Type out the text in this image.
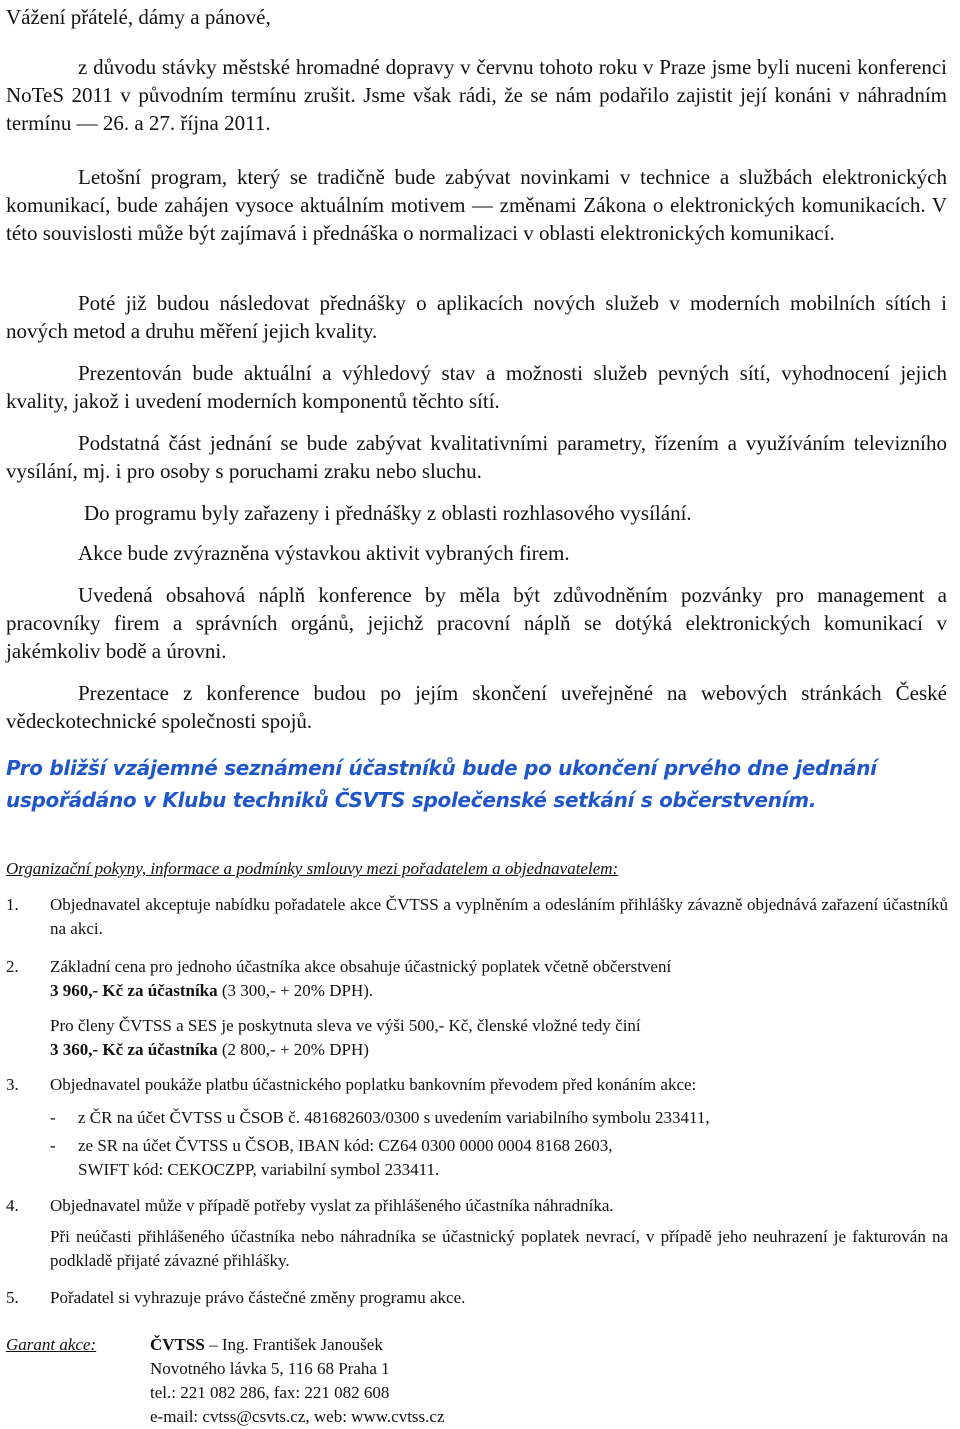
Vážení přátelé, dámy a pánové,
z důvodu stávky městské hromadné dopravy v červnu tohoto roku v Praze jsme byli nuceni konferenci NoTeS 2011 v původním termínu zrušit. Jsme však rádi, že se nám podařilo zajistit její konáni v náhradním termínu — 26. a 27. října 2011.
Letošní program, který se tradičně bude zabývat novinkami v technice a službách elektronických komunikací, bude zahájen vysoce aktuálním motivem — změnami Zákona o elektronických komunikacích. V této souvislosti může být zajímavá i přednáška o normalizaci v oblasti elektronických komunikací.
Poté již budou následovat přednášky o aplikacích nových služeb v moderních mobilních sítích i nových metod a druhu měření jejich kvality.
Prezentován bude aktuální a výhledový stav a možnosti služeb pevných sítí, vyhodnocení jejich kvality, jakož i uvedení moderních komponentů těchto sítí.
Podstatná část jednání se bude zabývat kvalitativními parametry, řízením a využíváním televizního vysílání, mj. i pro osoby s poruchami zraku nebo sluchu.
Do programu byly zařazeny i přednášky z oblasti rozhlasového vysílání.
Akce bude zvýrazněna výstavkou aktivit vybraných firem.
Uvedená obsahová náplň konference by měla být zdůvodněním pozvánky pro management a pracovníky firem a správních orgánů, jejichž pracovní náplň se dotýká elektronických komunikací v jakémkoliv bodě a úrovni.
Prezentace z konference budou po jejím skončení uveřejněné na webových stránkách České vědeckotechnické společnosti spojů.
Pro bližší vzájemné seznámení účastníků bude po ukončení prvého dne jednání uspořádáno v Klubu techniků ČSVTS společenské setkání s občerstvením.
Organizační pokyny, informace a podmínky smlouvy mezi pořadatelem a objednavatelem:
1.	Objednavatel akceptuje nabídku pořadatele akce ČVTSS a vyplněním a odesláním přihlášky závazně objednává zařazení účastníků na akci.
2.	Základní cena pro jednoho účastníka akce obsahuje účastnický poplatek včetně občerstvení
3 960,- Kč za účastníka (3 300,- + 20% DPH).
Pro členy ČVTSS a SES je poskytnuta sleva ve výši 500,- Kč, členské vložné tedy činí
3 360,- Kč za účastníka (2 800,- + 20% DPH)
3.	Objednavatel poukáže platbu účastnického poplatku bankovním převodem před konáním akce:
- z ČR na účet ČVTSS u ČSOB č. 481682603/0300 s uvedením variabilního symbolu 233411,
- ze SR na účet ČVTSS u ČSOB, IBAN kód: CZ64 0300 0000 0004 8168 2603,
SWIFT kód: CEKOCZPP, variabilní symbol 233411.
4.	Objednavatel může v případě potřeby vyslat za přihlášeného účastníka náhradníka.
Při neúčasti přihlášeného účastníka nebo náhradníka se účastnický poplatek nevrací, v případě jeho neuhrazení je fakturován na podkladě přijaté závazné přihlášky.
5.	Pořadatel si vyhrazuje právo částečné změny programu akce.
Garant akce:	ČVTSS – Ing. František Janoušek
Novotného lávka 5, 116 68 Praha 1
tel.: 221 082 286, fax: 221 082 608
e-mail: cvtss@csvts.cz, web: www.cvtss.cz
